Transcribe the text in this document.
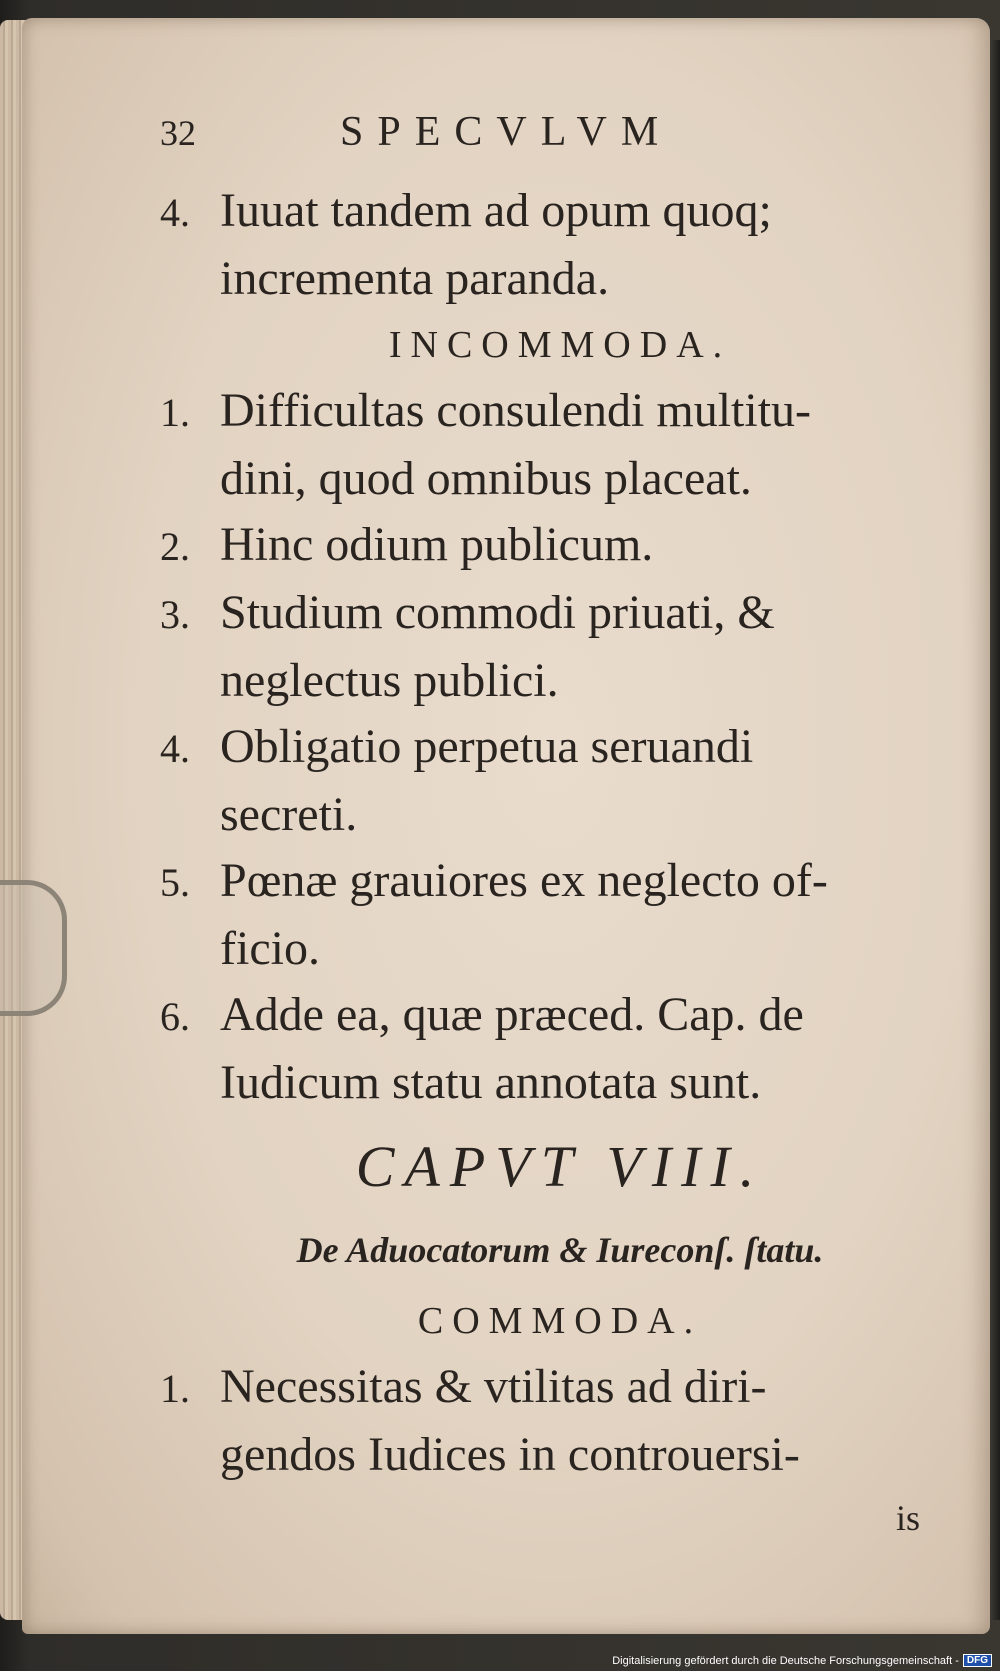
32	SPECVLVM
4. Iuuat tandem ad opum quoq;
incrementa paranda.
INCOMMODA.
1. Difficultas consulendi multitu-
dini, quod omnibus placeat.
2. Hinc odium publicum.
3. Studium commodi priuati, &
neglectus publici.
4. Obligatio perpetua seruandi
secreti.
5. Pœnæ grauiores ex neglecto of-
ficio.
6. Adde ea, quæ præced. Cap. de
Iudicum statu annotata sunt.
CAPVT VIII.
De Aduocatorum & Iureconſ. ſtatu.
COMMODA.
1. Necessitas & vtilitas ad diri-
gendos Iudices in controuersi-
is
Digitalisierung gefördert durch die Deutsche Forschungsgemeinschaft - DFG
